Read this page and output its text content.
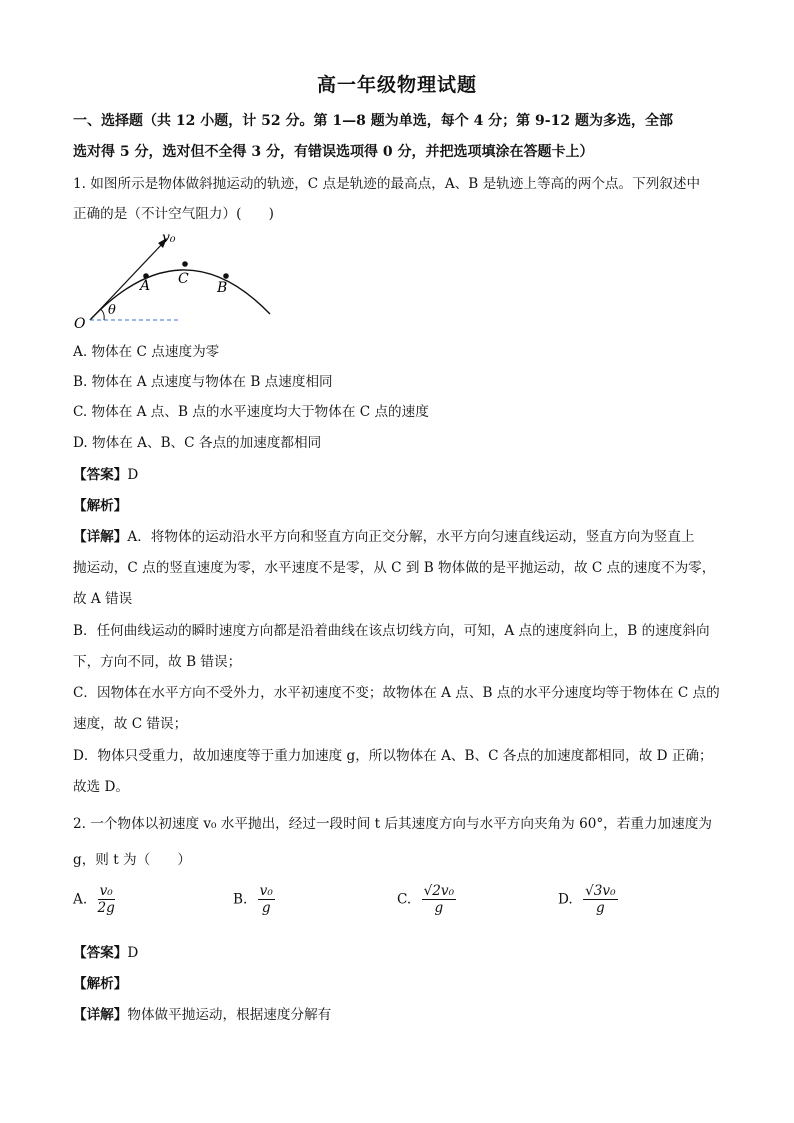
高一年级物理试题
一、选择题（共 12 小题，计 52 分。第 1—8 题为单选，每个 4 分；第 9-12 题为多选，全部
选对得 5 分，选对但不全得 3 分，有错误选项得 0 分，并把选项填涂在答题卡上）
1. 如图所示是物体做斜抛运动的轨迹，C 点是轨迹的最高点，A、B 是轨迹上等高的两个点。下列叙述中
正确的是（不计空气阻力）(　　)
v₀
A C
B
O
θ
A. 物体在 C 点速度为零
B. 物体在 A 点速度与物体在 B 点速度相同
C. 物体在 A 点、B 点的水平速度均大于物体在 C 点的速度
D. 物体在 A、B、C 各点的加速度都相同
【答案】D
【解析】
【详解】A．将物体的运动沿水平方向和竖直方向正交分解，水平方向匀速直线运动，竖直方向为竖直上
抛运动，C 点的竖直速度为零，水平速度不是零，从 C 到 B 物体做的是平抛运动，故 C 点的速度不为零，
故 A 错误
B．任何曲线运动的瞬时速度方向都是沿着曲线在该点切线方向，可知，A 点的速度斜向上，B 的速度斜向
下，方向不同，故 B 错误；
C．因物体在水平方向不受外力，水平初速度不变；故物体在 A 点、B 点的水平分速度均等于物体在 C 点的
速度，故 C 错误；
D．物体只受重力，故加速度等于重力加速度 g，所以物体在 A、B、C 各点的加速度都相同，故 D 正确；
故选 D。
2. 一个物体以初速度 v₀ 水平抛出，经过一段时间 t 后其速度方向与水平方向夹角为 60°，若重力加速度为
g，则 t 为（　　）
A. $\frac{\text{v₀}}{2g}$	B. $\frac{\text{v₀}}{g}$	C. $\frac{\text{√2v₀}}{g}$	D. $\frac{\text{√3v₀}}{g}$
【答案】D
【解析】
【详解】物体做平抛运动，根据速度分解有
